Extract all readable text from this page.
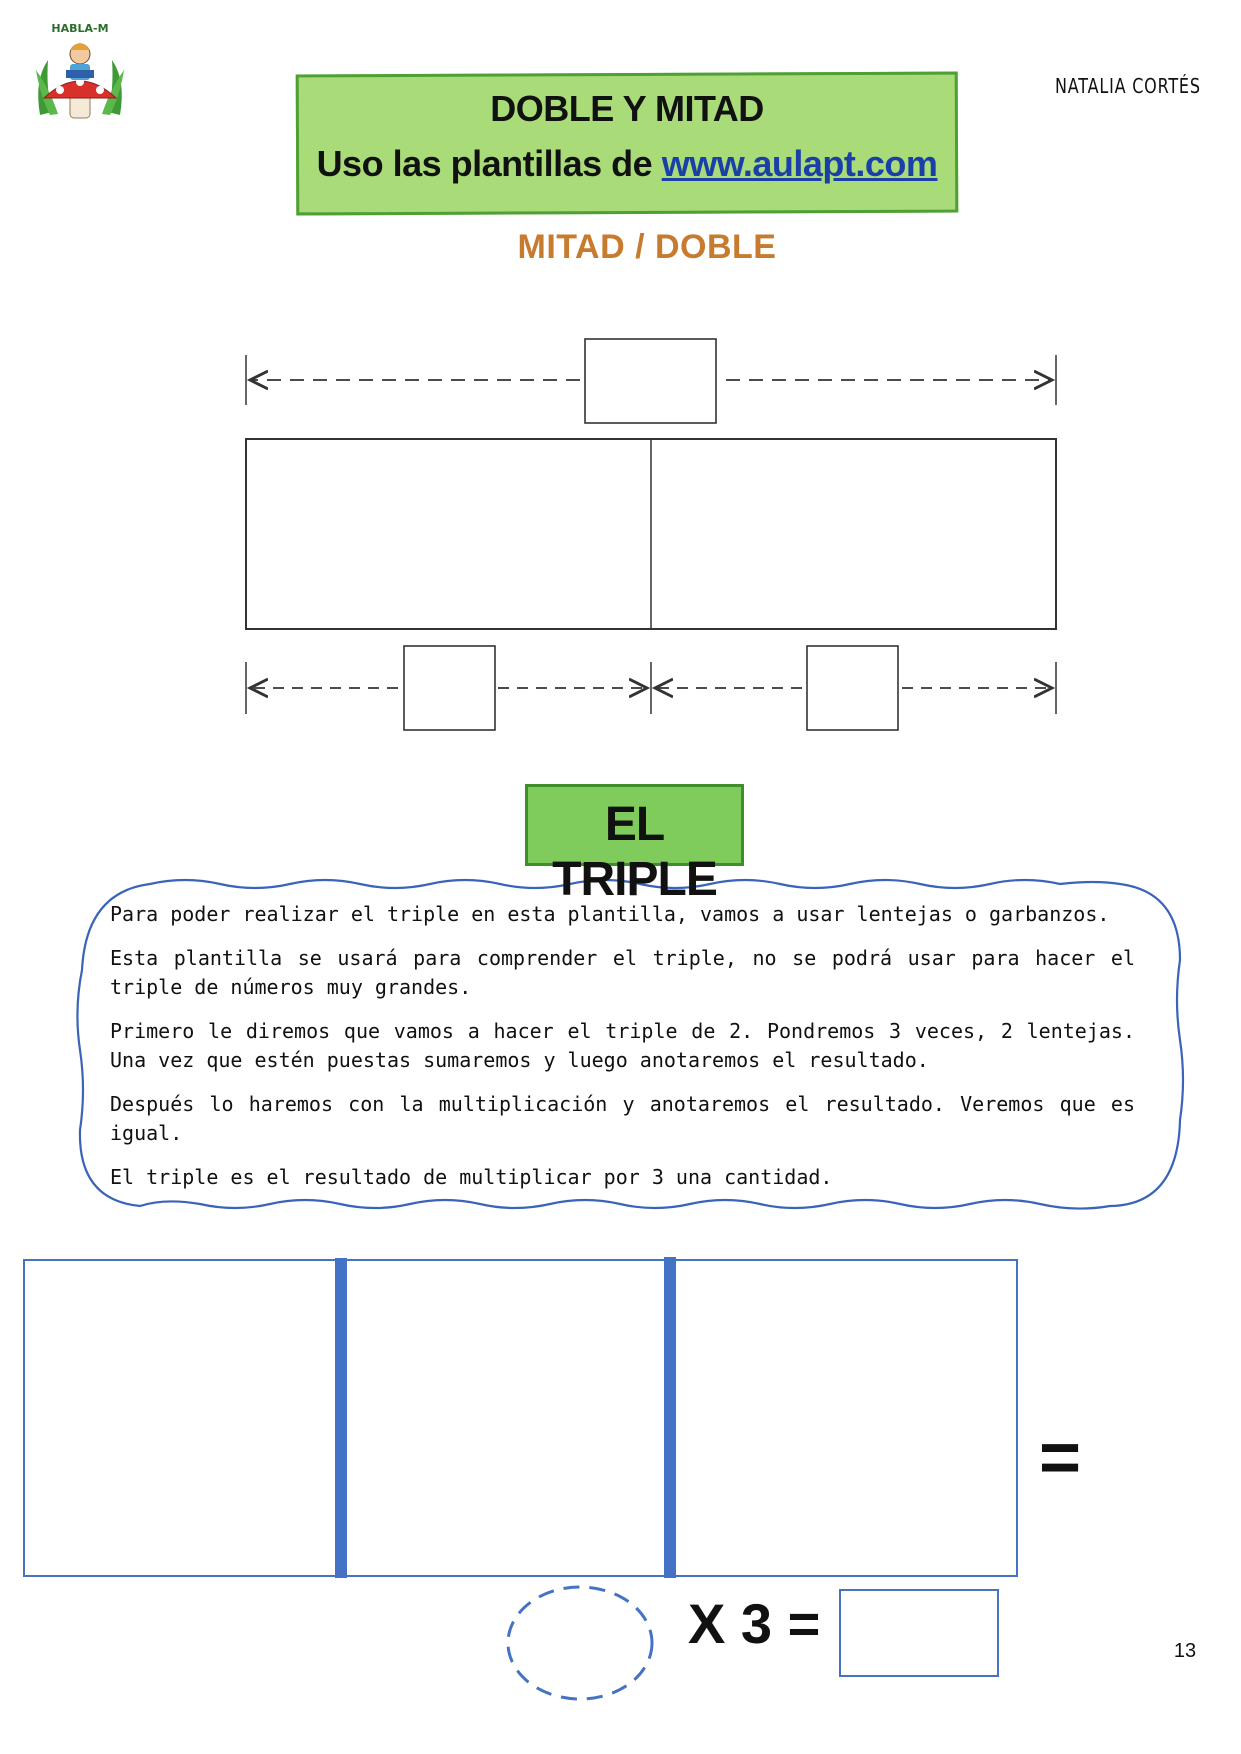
HABLA-M
NATALIA CORTÉS
DOBLE Y MITAD
Uso las plantillas de www.aulapt.com
MITAD / DOBLE
EL TRIPLE

Para poder realizar el triple en esta plantilla, vamos a usar lentejas o garbanzos.

Esta plantilla se usará para comprender el triple, no se podrá usar para hacer el triple de números muy grandes.

Primero le diremos que vamos a hacer el triple de 2. Pondremos 3 veces, 2 lentejas. Una vez que estén puestas sumaremos y luego anotaremos el resultado.

Después lo haremos con la multiplicación y anotaremos el resultado. Veremos que es igual.

El triple es el resultado de multiplicar por 3 una cantidad.

=
X 3 =	13
